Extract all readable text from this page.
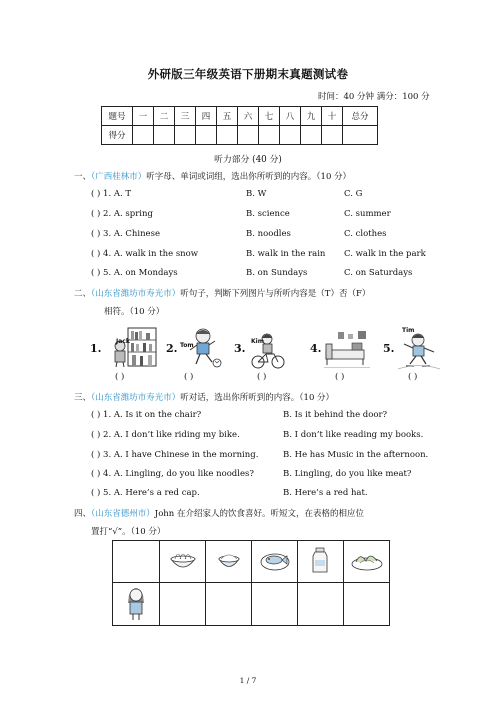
外研版三年级英语下册期末真题测试卷
时间：40 分钟 满分：100 分
题号	一	二	三	四	五	六	七	八	九	十	总分
得分											
听力部分 (40 分)
一、（广西桂林市）听字母、单词或词组，选出你所听到的内容。（10 分）
( ) 1. A. T	B. W	C. G
( ) 2. A. spring	B. science	C. summer
( ) 3. A. Chinese	B. noodles	C. clothes
( ) 4. A. walk in the snow	B. walk in the rain C. walk in the park
( ) 5. A. on Mondays	B. on Sundays	C. on Saturdays
二、（山东省潍坊市寿光市）听句子，判断下列图片与所听内容是（T）否（F）
相符。（10 分）
1.
Jack
2. Tom	3.
Kim
4.	5.
Tim
( )	( )	( )	( )	( )
三、（山东省潍坊市寿光市）听对话，选出你所听到的内容。（10 分）
( ) 1. A. Is it on the chair?	B. Is it behind the door?
( ) 2. A. I don’t like riding my bike.	B. I don’t like reading my books.
( ) 3. A. I have Chinese in the morning.	B. He has Music in the afternoon.
( ) 4. A. Lingling, do you like noodles?	B. Lingling, do you like meat?
( ) 5. A. Here’s a red cap.	B. Here’s a red hat.
四、（山东省德州市）John 在介绍家人的饮食喜好。听短文，在表格的相应位
置打“√”。（10 分）

1 / 7
